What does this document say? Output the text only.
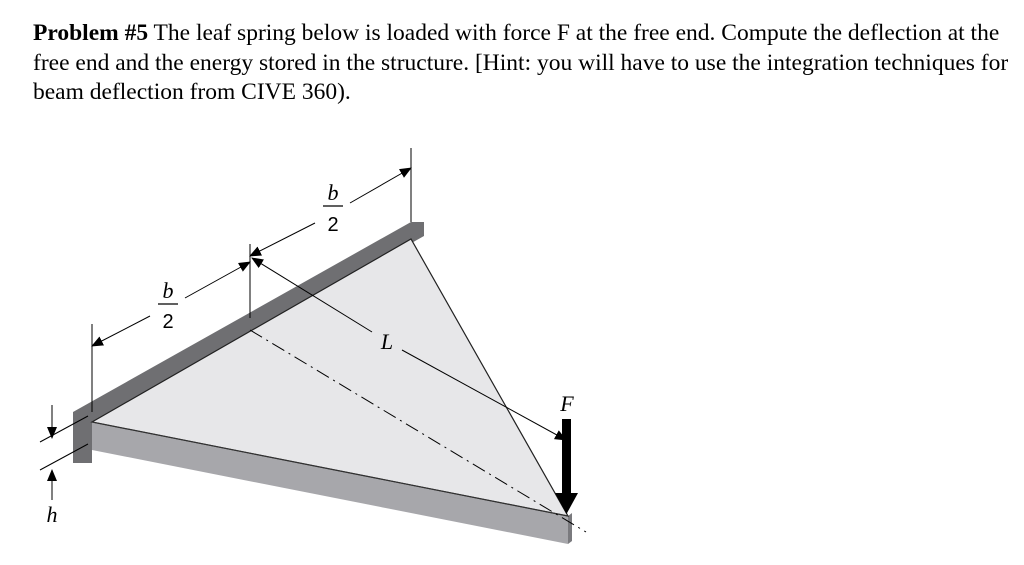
Problem #5 The leaf spring below is loaded with force F at the free end. Compute the deflection at the free end and the energy stored in the structure. [Hint: you will have to use the integration techniques for beam deflection from CIVE 360).

b
2
b
2
L
F
h
